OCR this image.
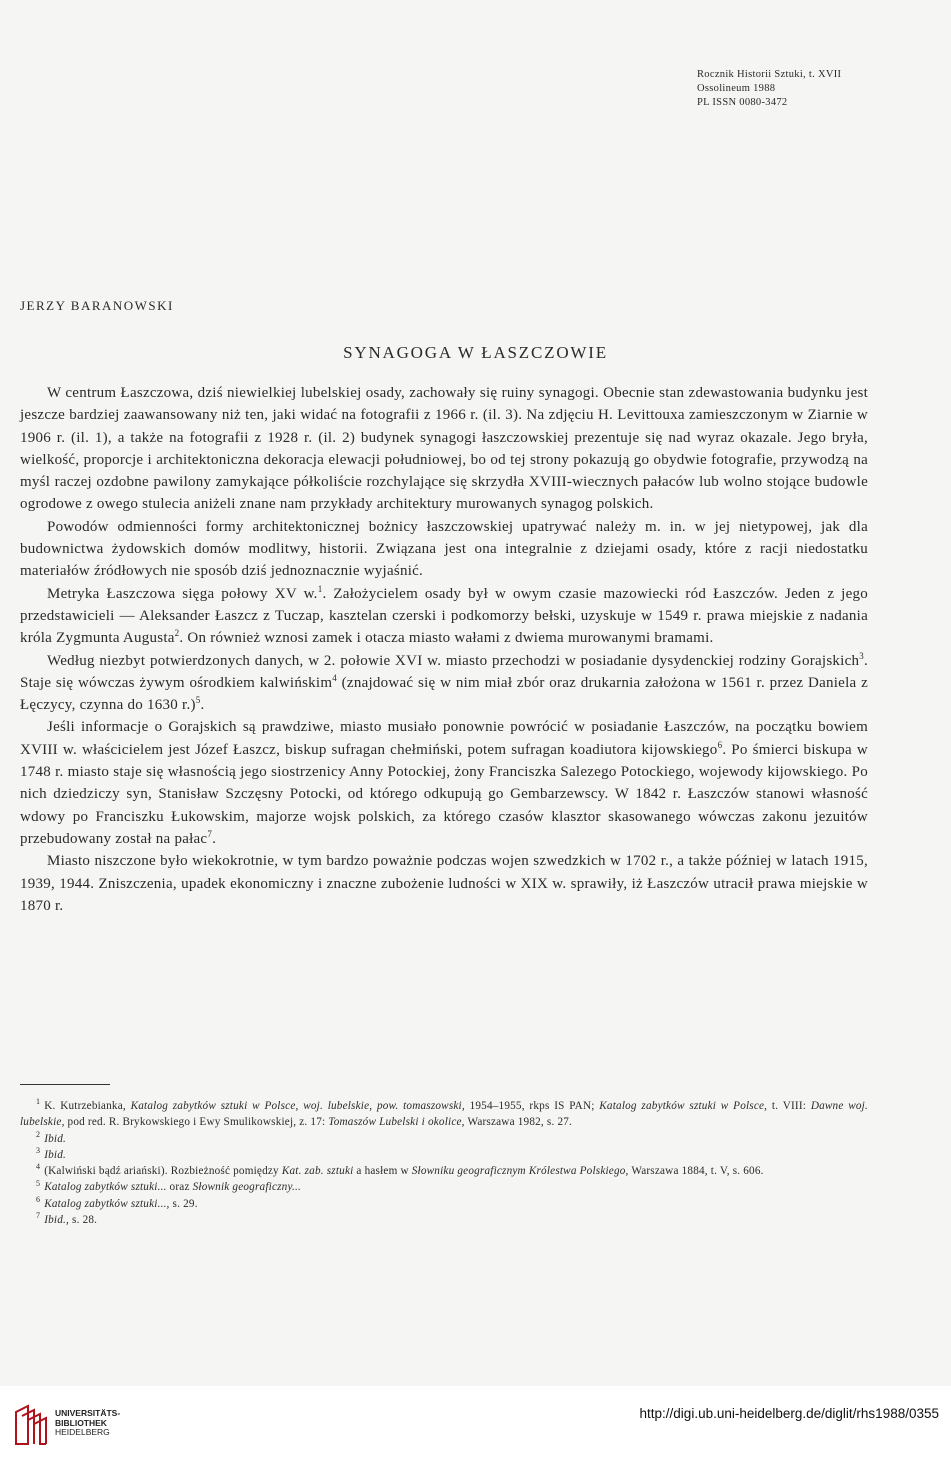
Rocznik Historii Sztuki, t. XVII
Ossolineum 1988
PL ISSN 0080-3472
JERZY BARANOWSKI
SYNAGOGA W ŁASZCZOWIE

W centrum Łaszczowa, dziś niewielkiej lubelskiej osady, zachowały się ruiny synagogi. Obecnie stan zdewastowania budynku jest jeszcze bardziej zaawansowany niż ten, jaki widać na fotografii z 1966 r. (il. 3). Na zdjęciu H. Levittouxa zamieszczonym w Ziarnie w 1906 r. (il. 1), a także na fotografii z 1928 r. (il. 2) budynek synagogi łaszczowskiej prezentuje się nad wyraz okazale. Jego bryła, wielkość, proporcje i architektoniczna dekoracja elewacji południowej, bo od tej strony pokazują go obydwie fotografie, przywodzą na myśl raczej ozdobne pawilony zamykające półkoliście rozchylające się skrzydła XVIII-wiecznych pałaców lub wolno stojące budowle ogrodowe z owego stulecia aniżeli znane nam przykłady architektury murowanych synagog polskich.

Powodów odmienności formy architektonicznej bożnicy łaszczowskiej upatrywać należy m. in. w jej nietypowej, jak dla budownictwa żydowskich domów modlitwy, historii. Związana jest ona integralnie z dziejami osady, które z racji niedostatku materiałów źródłowych nie sposób dziś jednoznacznie wyjaśnić.

Metryka Łaszczowa sięga połowy XV w.$^1$. Założycielem osady był w owym czasie mazowiecki ród Łaszczów. Jeden z jego przedstawicieli — Aleksander Łaszcz z Tuczap, kasztelan czerski i podkomorzy bełski, uzyskuje w 1549 r. prawa miejskie z nadania króla Zygmunta Augusta$^2$. On również wznosi zamek i otacza miasto wałami z dwiema murowanymi bramami.

Według niezbyt potwierdzonych danych, w 2. połowie XVI w. miasto przechodzi w posiadanie dysydenckiej rodziny Gorajskich$^3$. Staje się wówczas żywym ośrodkiem kalwińskim$^4$ (znajdować się w nim miał zbór oraz drukarnia założona w 1561 r. przez Daniela z Łęczycy, czynna do 1630 r.)$^5$.

Jeśli informacje o Gorajskich są prawdziwe, miasto musiało ponownie powrócić w posiadanie Łaszczów, na początku bowiem XVIII w. właścicielem jest Józef Łaszcz, biskup sufragan chełmiński, potem sufragan koadiutora kijowskiego$^6$. Po śmierci biskupa w 1748 r. miasto staje się własnością jego siostrzenicy Anny Potockiej, żony Franciszka Salezego Potockiego, wojewody kijowskiego. Po nich dziedziczy syn, Stanisław Szczęsny Potocki, od którego odkupują go Gembarzewscy. W 1842 r. Łaszczów stanowi własność wdowy po Franciszku Łukowskim, majorze wojsk polskich, za którego czasów klasztor skasowanego wówczas zakonu jezuitów przebudowany został na pałac$^7$.

Miasto niszczone było wiekokrotnie, w tym bardzo poważnie podczas wojen szwedzkich w 1702 r., a także później w latach 1915, 1939, 1944. Zniszczenia, upadek ekonomiczny i znaczne zubożenie ludności w XIX w. sprawiły, iż Łaszczów utracił prawa miejskie w 1870 r.

$^1$ K. Kutrzebianka, Katalog zabytków sztuki w Polsce, woj. lubelskie, pow. tomaszowski, 1954–1955, rkps IS PAN; Katalog zabytków sztuki w Polsce, t. VIII: Dawne woj. lubelskie, pod red. R. Brykowskiego i Ewy Smulikowskiej, z. 17: Tomaszów Lubelski i okolice, Warszawa 1982, s. 27.

$^2$ Ibid.

$^3$ Ibid.

$^4$ (Kalwiński bądź ariański). Rozbieżność pomiędzy Kat. zab. sztuki a hasłem w Słowniku geograficznym Królestwa Polskiego, Warszawa 1884, t. V, s. 606.

$^5$ Katalog zabytków sztuki... oraz Słownik geograficzny...

$^6$ Katalog zabytków sztuki..., s. 29.

$^7$ Ibid., s. 28.

UNIVERSITÄTS-
BIBLIOTHEK
HEIDELBERG
http://digi.ub.uni-heidelberg.de/diglit/rhs1988/0355
